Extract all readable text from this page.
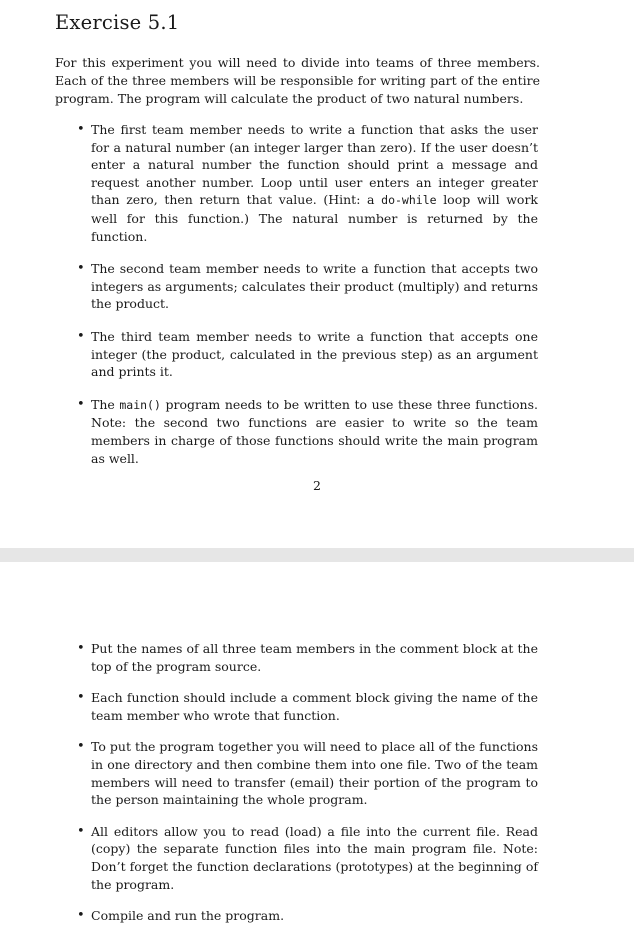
Exercise 5.1

For this experiment you will need to divide into teams of three members. Each of the three members will be responsible for writing part of the entire program. The program will calculate the product of two natural numbers.

• The first team member needs to write a function that asks the user for a natural number (an integer larger than zero). If the user doesn’t enter a natural number the function should print a message and request another number. Loop until user enters an integer greater than zero, then return that value. (Hint: a do-while loop will work well for this function.) The natural number is returned by the function.
• The second team member needs to write a function that accepts two integers as arguments; calculates their product (multiply) and returns the product.
• The third team member needs to write a function that accepts one integer (the product, calculated in the previous step) as an argument and prints it.
• The main() program needs to be written to use these three functions. Note: the second two functions are easier to write so the team members in charge of those functions should write the main program as well.
2
• Put the names of all three team members in the comment block at the top of the program source.
• Each function should include a comment block giving the name of the team member who wrote that function.
• To put the program together you will need to place all of the functions in one directory and then combine them into one file. Two of the team members will need to transfer (email) their portion of the program to the person maintaining the whole program.
• All editors allow you to read (load) a file into the current file. Read (copy) the separate function files into the main program file. Note: Don’t forget the function declarations (prototypes) at the beginning of the program.
• Compile and run the program.
